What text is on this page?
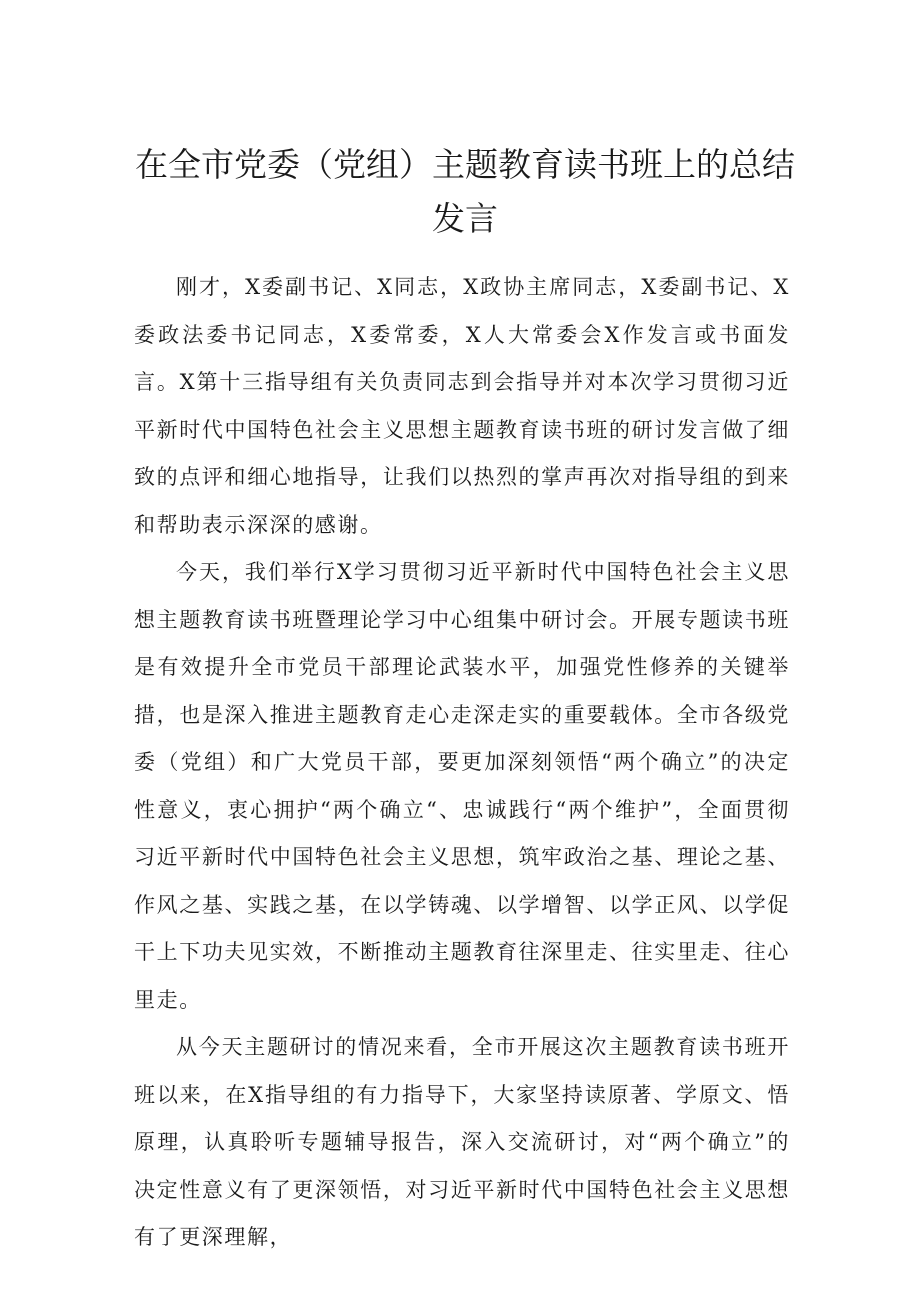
在全市党委（党组）主题教育读书班上的总结发言

刚才，X委副书记、X同志，X政协主席同志，X委副书记、X委政法委书记同志，X委常委，X人大常委会X作发言或书面发言。X第十三指导组有关负责同志到会指导并对本次学习贯彻习近平新时代中国特色社会主义思想主题教育读书班的研讨发言做了细致的点评和细心地指导，让我们以热烈的掌声再次对指导组的到来和帮助表示深深的感谢。

今天，我们举行X学习贯彻习近平新时代中国特色社会主义思想主题教育读书班暨理论学习中心组集中研讨会。开展专题读书班是有效提升全市党员干部理论武装水平，加强党性修养的关键举措，也是深入推进主题教育走心走深走实的重要载体。全市各级党委（党组）和广大党员干部，要更加深刻领悟“两个确立”的决定性意义，衷心拥护“两个确立“、忠诚践行“两个维护”，全面贯彻习近平新时代中国特色社会主义思想，筑牢政治之基、理论之基、作风之基、实践之基，在以学铸魂、以学增智、以学正风、以学促干上下功夫见实效，不断推动主题教育往深里走、往实里走、往心里走。

从今天主题研讨的情况来看，全市开展这次主题教育读书班开班以来，在X指导组的有力指导下，大家坚持读原著、学原文、悟原理，认真聆听专题辅导报告，深入交流研讨，对“两个确立”的决定性意义有了更深领悟，对习近平新时代中国特色社会主义思想有了更深理解，
